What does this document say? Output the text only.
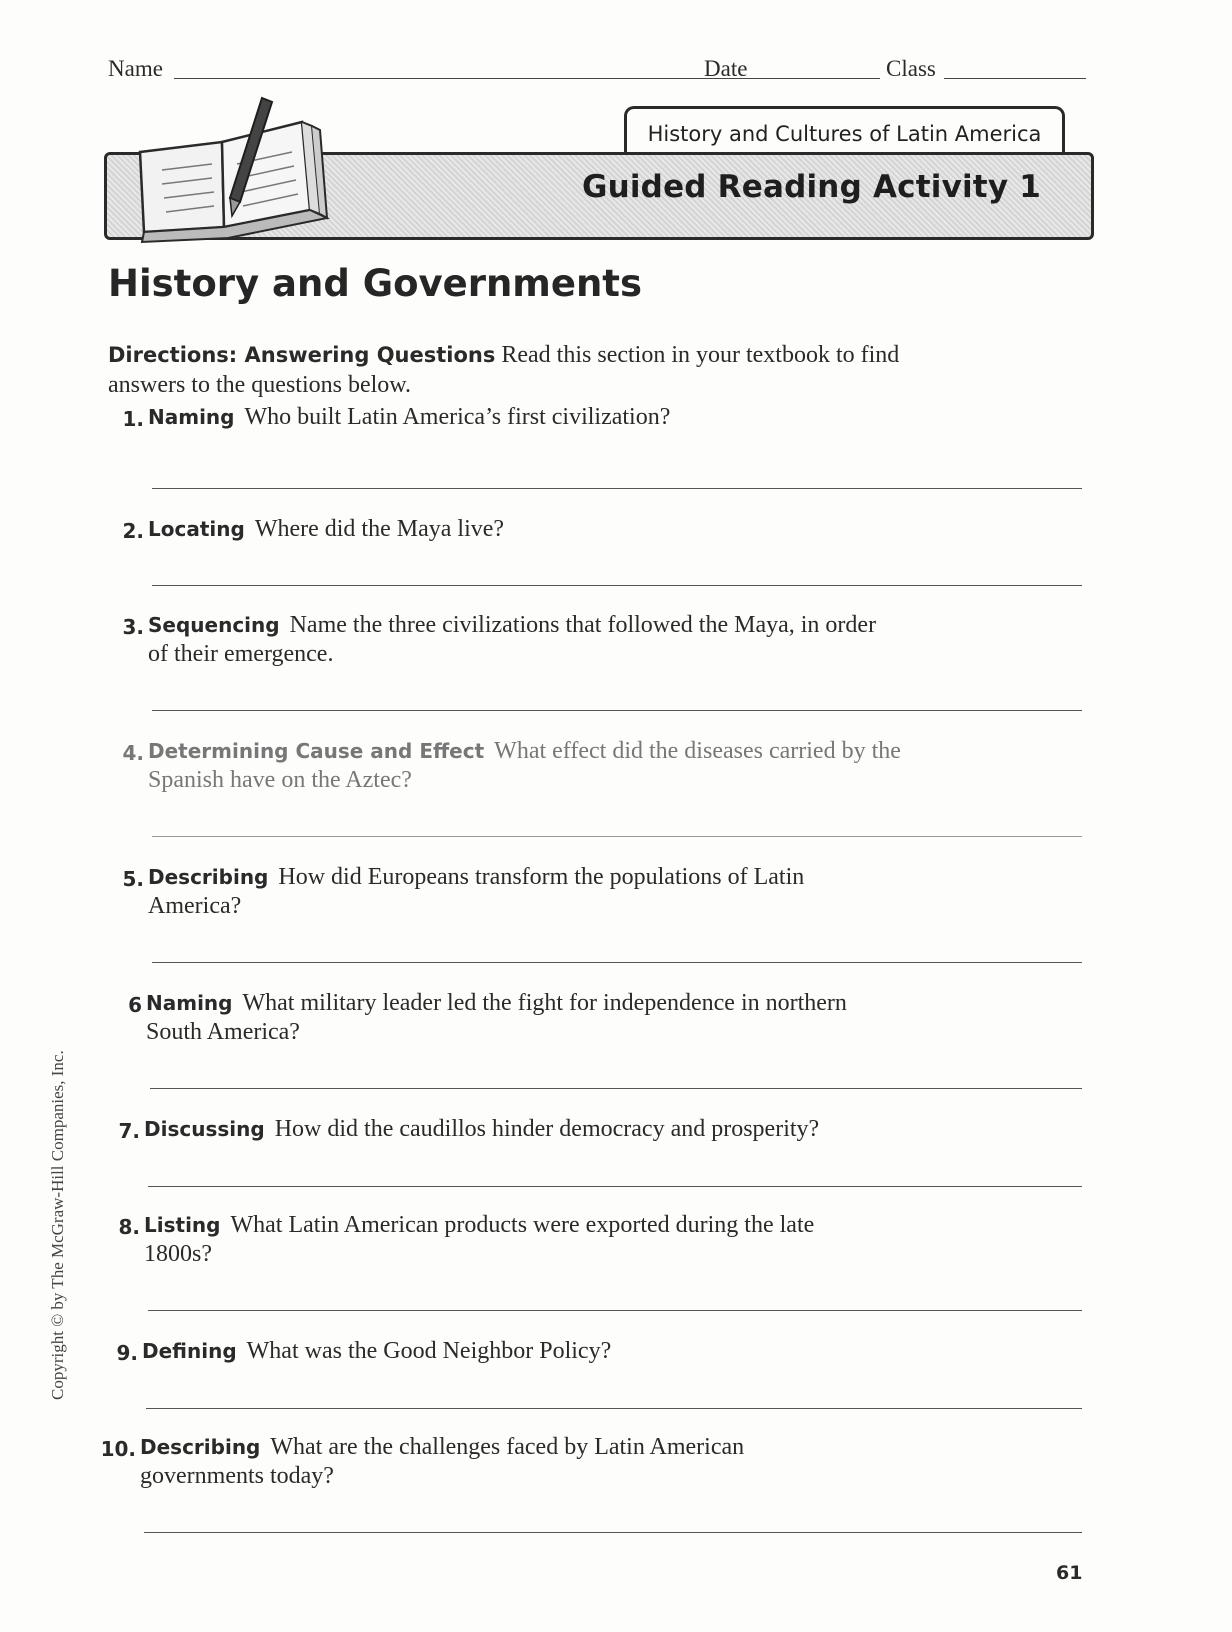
Name	Date	Class
History and Cultures of Latin America
Guided Reading Activity 1
History and Governments
Directions: Answering Questions Read this section in your textbook to find answers to the questions below.
1. Naming Who built Latin America’s first civilization?
2. Locating Where did the Maya live?
3. Sequencing Name the three civilizations that followed the Maya, in order of their emergence.
4. Determining Cause and Effect What effect did the diseases carried by the Spanish have on the Aztec?
5. Describing How did Europeans transform the populations of Latin America?
6 Naming What military leader led the fight for independence in northern South America?
7. Discussing How did the caudillos hinder democracy and prosperity?
8. Listing What Latin American products were exported during the late 1800s?
9. Defining What was the Good Neighbor Policy?
10. Describing What are the challenges faced by Latin American governments today?
Copyright © by The McGraw-Hill Companies, Inc.
61
